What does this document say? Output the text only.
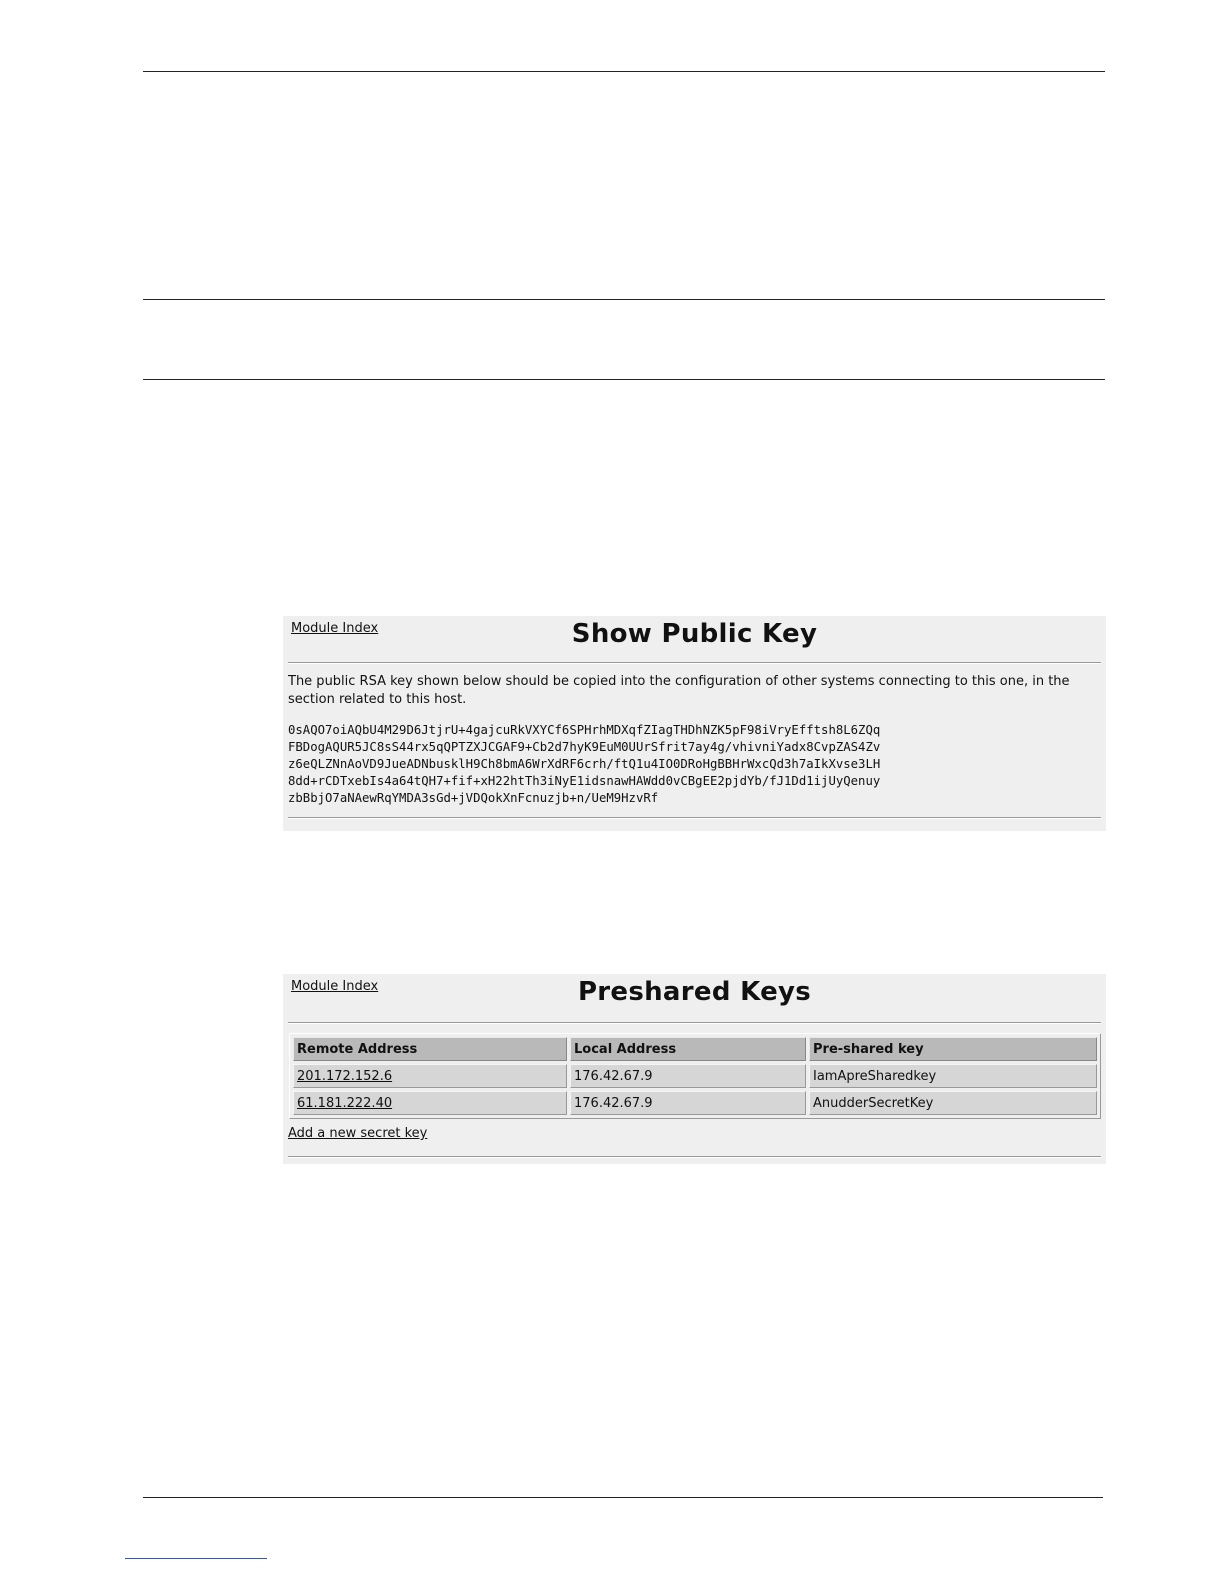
Module Index	Show Public Key
The public RSA key shown below should be copied into the configuration of other systems connecting to this one, in the section related to this host.
0sAQO7oiAQbU4M29D6JtjrU+4gajcuRkVXYCf6SPHrhMDXqfZIagTHDhNZK5pF98iVryEfftsh8L6ZQq
FBDogAQUR5JC8sS44rx5qQPTZXJCGAF9+Cb2d7hyK9EuM0UUrSfrit7ay4g/vhivniYadx8CvpZAS4Zv
z6eQLZNnAoVD9JueADNbusklH9Ch8bmA6WrXdRF6crh/ftQ1u4IO0DRoHgBBHrWxcQd3h7aIkXvse3LH
8dd+rCDTxebIs4a64tQH7+fif+xH22htTh3iNyE1idsnawHAWdd0vCBgEE2pjdYb/fJ1Dd1ijUyQenuy
zbBbjO7aNAewRqYMDA3sGd+jVDQokXnFcnuzjb+n/UeM9HzvRf
Module Index	Preshared Keys
Remote Address	Local Address	Pre-shared key
201.172.152.6	176.42.67.9	IamApreSharedkey
61.181.222.40	176.42.67.9	AnudderSecretKey
Add a new secret key
